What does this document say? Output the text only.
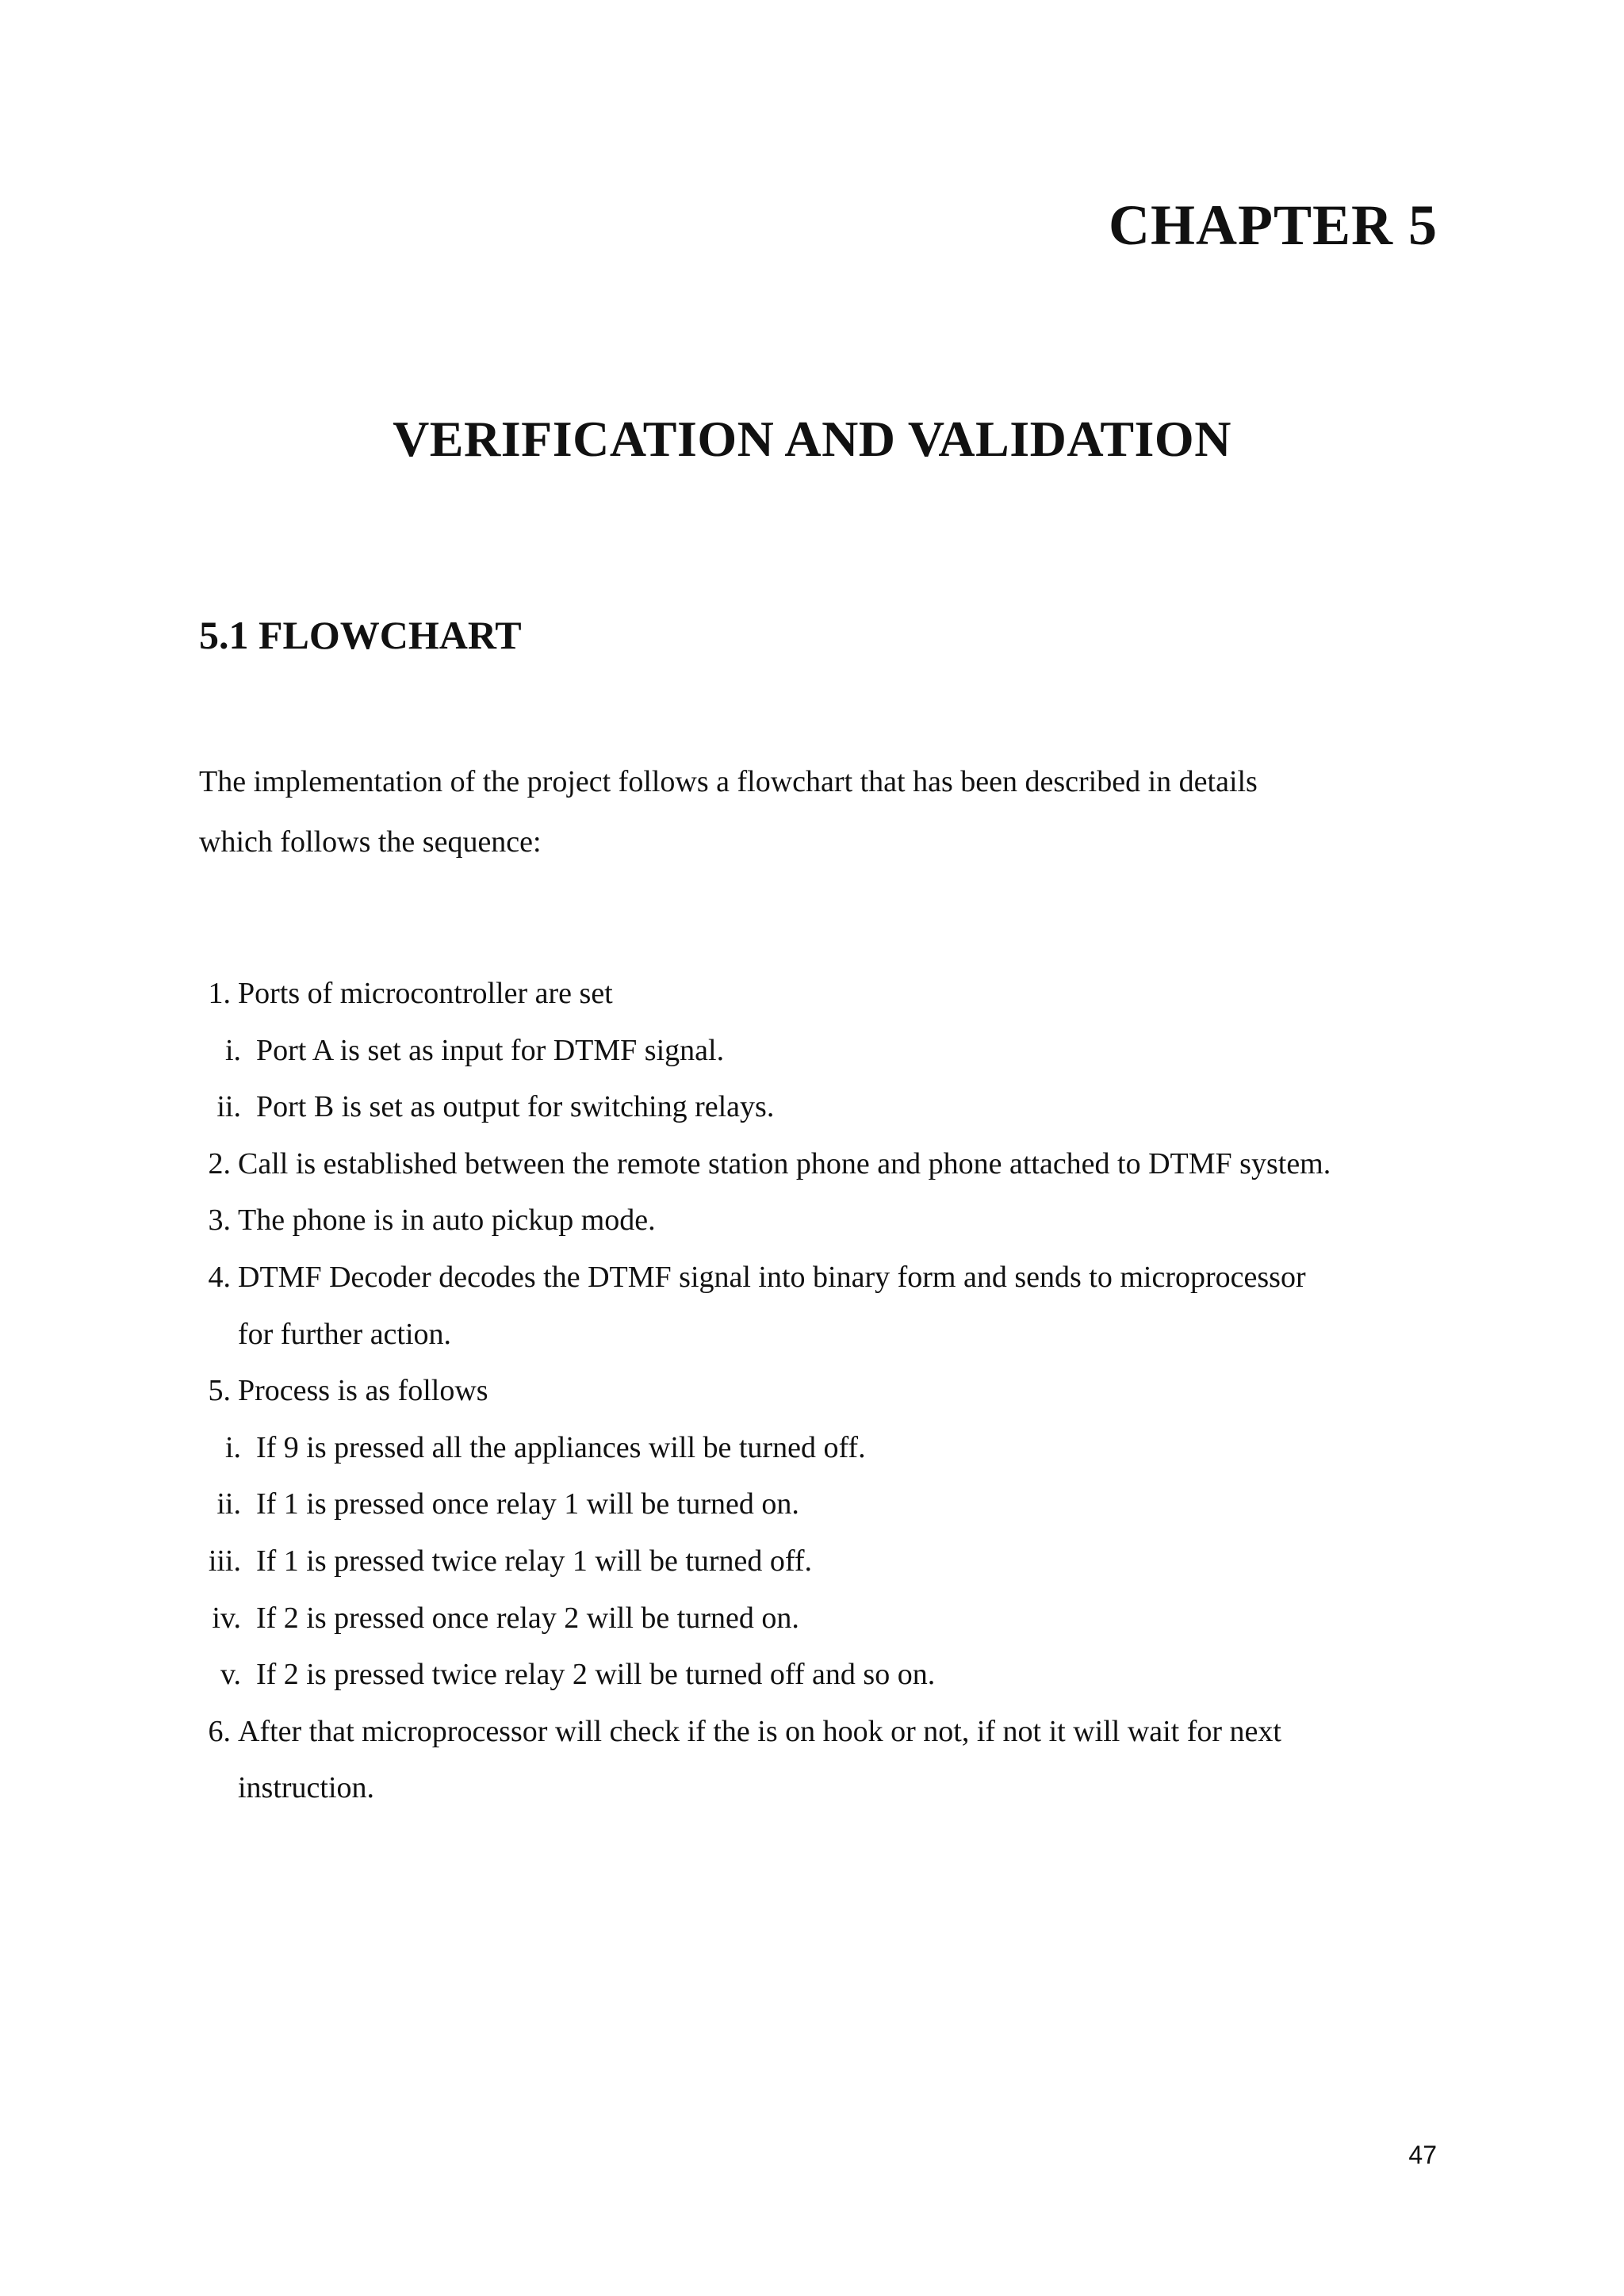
CHAPTER 5
VERIFICATION AND VALIDATION
5.1 FLOWCHART
The implementation of the project follows a flowchart that has been described in details
which follows the sequence:
1. Ports of microcontroller are set
i. Port A is set as input for DTMF signal.
ii. Port B is set as output for switching relays.
2. Call is established between the remote station phone and phone attached to DTMF system.
3. The phone is in auto pickup mode.
4. DTMF Decoder decodes the DTMF signal into binary form and sends to microprocessor
for further action.
5. Process is as follows
i. If 9 is pressed all the appliances will be turned off.
ii. If 1 is pressed once relay 1 will be turned on.
iii. If 1 is pressed twice relay 1 will be turned off.
iv. If 2 is pressed once relay 2 will be turned on.
v. If 2 is pressed twice relay 2 will be turned off and so on.
6. After that microprocessor will check if the is on hook or not, if not it will wait for next
instruction.
47
